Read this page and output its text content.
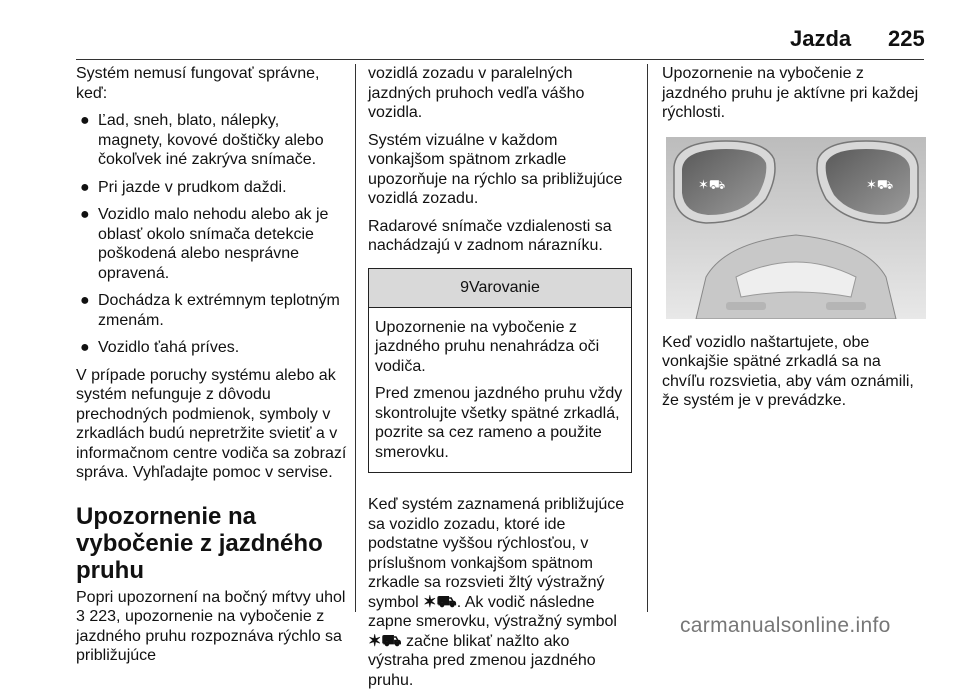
Jazda 225

Systém nemusí fungovať správne, keď:

● Ľad, sneh, blato, nálepky, magnety, kovové doštičky alebo čokoľvek iné zakrýva snímače.
● Pri jazde v prudkom daždi.
● Vozidlo malo nehodu alebo ak je oblasť okolo snímača detekcie poškodená alebo nesprávne opravená.
● Dochádza k extrémnym teplotným zmenám.
● Vozidlo ťahá príves.

V prípade poruchy systému alebo ak systém nefunguje z dôvodu prechodných podmienok, symboly v zrkadlách budú nepretržite svietiť a v informačnom centre vodiča sa zobrazí správa. Vyhľadajte pomoc v servise.

Upozornenie na vybočenie z jazdného pruhu

Popri upozornení na bočný mŕtvy uhol 3 223, upozornenie na vybočenie z jazdného pruhu rozpoznáva rýchlo sa približujúce

vozidlá zozadu v paralelných jazdných pruhoch vedľa vášho vozidla.

Systém vizuálne v každom vonkajšom spätnom zrkadle upozorňuje na rýchlo sa približujúce vozidlá zozadu.

Radarové snímače vzdialenosti sa nachádzajú v zadnom nárazníku.

9Varovanie

Upozornenie na vybočenie z jazdného pruhu nenahrádza oči vodiča.

Pred zmenou jazdného pruhu vždy skontrolujte všetky spätné zrkadlá, pozrite sa cez rameno a použite smerovku.

Keď systém zaznamená približujúce sa vozidlo zozadu, ktoré ide podstatne vyššou rýchlosťou, v príslušnom vonkajšom spätnom zrkadle sa rozsvieti žltý výstražný symbol ✶⛟. Ak vodič následne zapne smerovku, výstražný symbol ✶⛟ začne blikať nažlto ako výstraha pred zmenou jazdného pruhu.

Upozornenie na vybočenie z jazdného pruhu je aktívne pri každej rýchlosti.

✶⛟	✶⛟

Keď vozidlo naštartujete, obe vonkajšie spätné zrkadlá sa na chvíľu rozsvietia, aby vám oznámili, že systém je v prevádzke.

carmanualsonline.info
